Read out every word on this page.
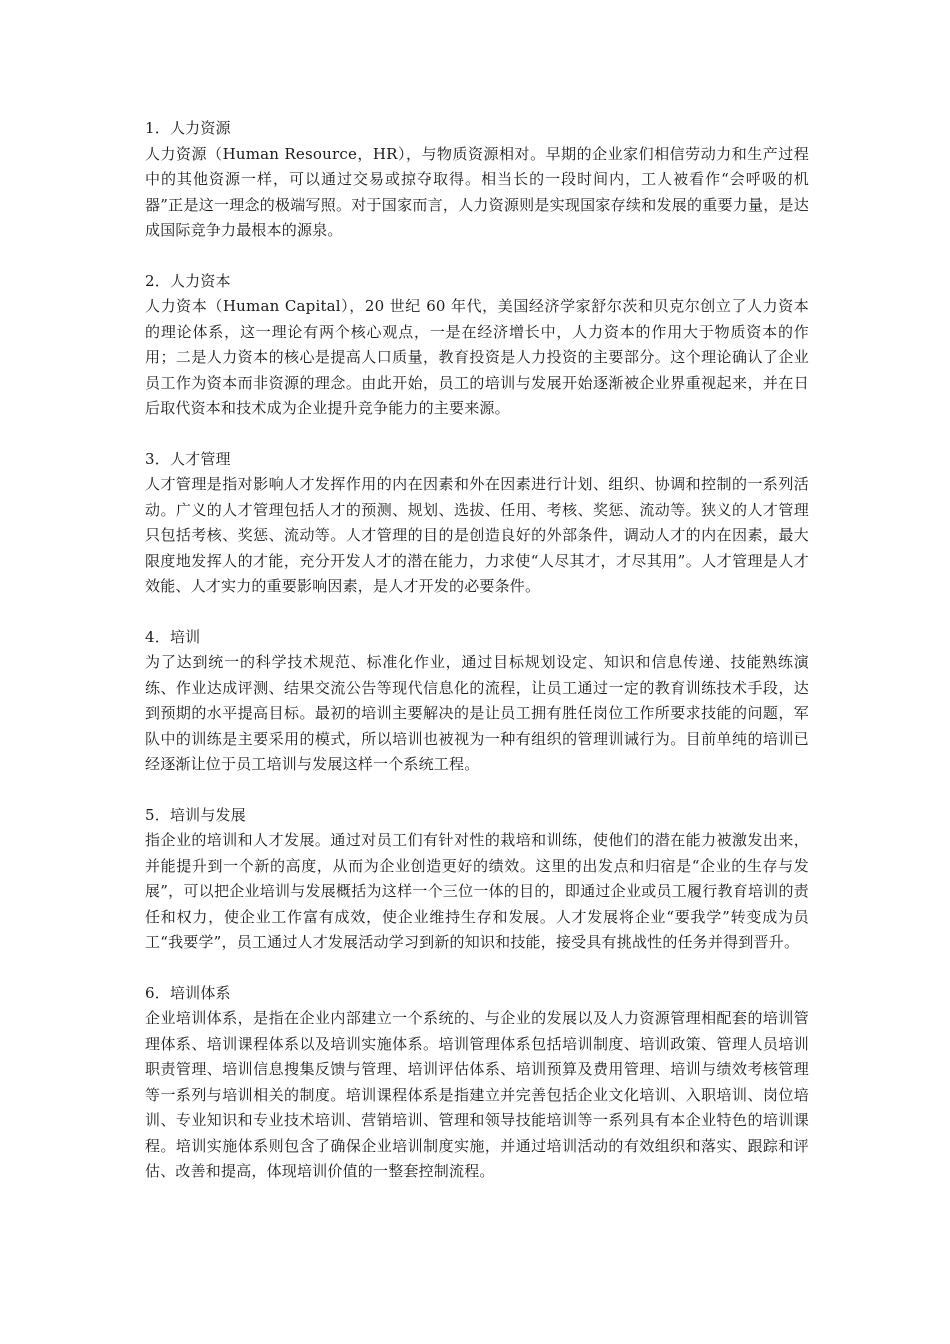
1．人力资源

人力资源（Human Resource，HR），与物质资源相对。早期的企业家们相信劳动力和生产过程中的其他资源一样，可以通过交易或掠夺取得。相当长的一段时间内，工人被看作“会呼吸的机器”正是这一理念的极端写照。对于国家而言，人力资源则是实现国家存续和发展的重要力量，是达成国际竞争力最根本的源泉。

2．人力资本

人力资本（Human Capital），20 世纪 60 年代，美国经济学家舒尔茨和贝克尔创立了人力资本的理论体系，这一理论有两个核心观点，一是在经济增长中，人力资本的作用大于物质资本的作用；二是人力资本的核心是提高人口质量，教育投资是人力投资的主要部分。这个理论确认了企业员工作为资本而非资源的理念。由此开始，员工的培训与发展开始逐渐被企业界重视起来，并在日后取代资本和技术成为企业提升竞争能力的主要来源。

3．人才管理

人才管理是指对影响人才发挥作用的内在因素和外在因素进行计划、组织、协调和控制的一系列活动。广义的人才管理包括人才的预测、规划、选拔、任用、考核、奖惩、流动等。狭义的人才管理只包括考核、奖惩、流动等。人才管理的目的是创造良好的外部条件，调动人才的内在因素，最大限度地发挥人的才能，充分开发人才的潜在能力，力求使“人尽其才，才尽其用”。人才管理是人才效能、人才实力的重要影响因素，是人才开发的必要条件。

4．培训

为了达到统一的科学技术规范、标准化作业，通过目标规划设定、知识和信息传递、技能熟练演练、作业达成评测、结果交流公告等现代信息化的流程，让员工通过一定的教育训练技术手段，达到预期的水平提高目标。最初的培训主要解决的是让员工拥有胜任岗位工作所要求技能的问题，军队中的训练是主要采用的模式，所以培训也被视为一种有组织的管理训诫行为。目前单纯的培训已经逐渐让位于员工培训与发展这样一个系统工程。

5．培训与发展

指企业的培训和人才发展。通过对员工们有针对性的栽培和训练，使他们的潜在能力被激发出来，并能提升到一个新的高度，从而为企业创造更好的绩效。这里的出发点和归宿是“企业的生存与发展”，可以把企业培训与发展概括为这样一个三位一体的目的，即通过企业或员工履行教育培训的责任和权力，使企业工作富有成效，使企业维持生存和发展。人才发展将企业“要我学”转变成为员工“我要学”，员工通过人才发展活动学习到新的知识和技能，接受具有挑战性的任务并得到晋升。

6．培训体系

企业培训体系，是指在企业内部建立一个系统的、与企业的发展以及人力资源管理相配套的培训管理体系、培训课程体系以及培训实施体系。培训管理体系包括培训制度、培训政策、管理人员培训职责管理、培训信息搜集反馈与管理、培训评估体系、培训预算及费用管理、培训与绩效考核管理等一系列与培训相关的制度。培训课程体系是指建立并完善包括企业文化培训、入职培训、岗位培训、专业知识和专业技术培训、营销培训、管理和领导技能培训等一系列具有本企业特色的培训课程。培训实施体系则包含了确保企业培训制度实施，并通过培训活动的有效组织和落实、跟踪和评估、改善和提高，体现培训价值的一整套控制流程。
